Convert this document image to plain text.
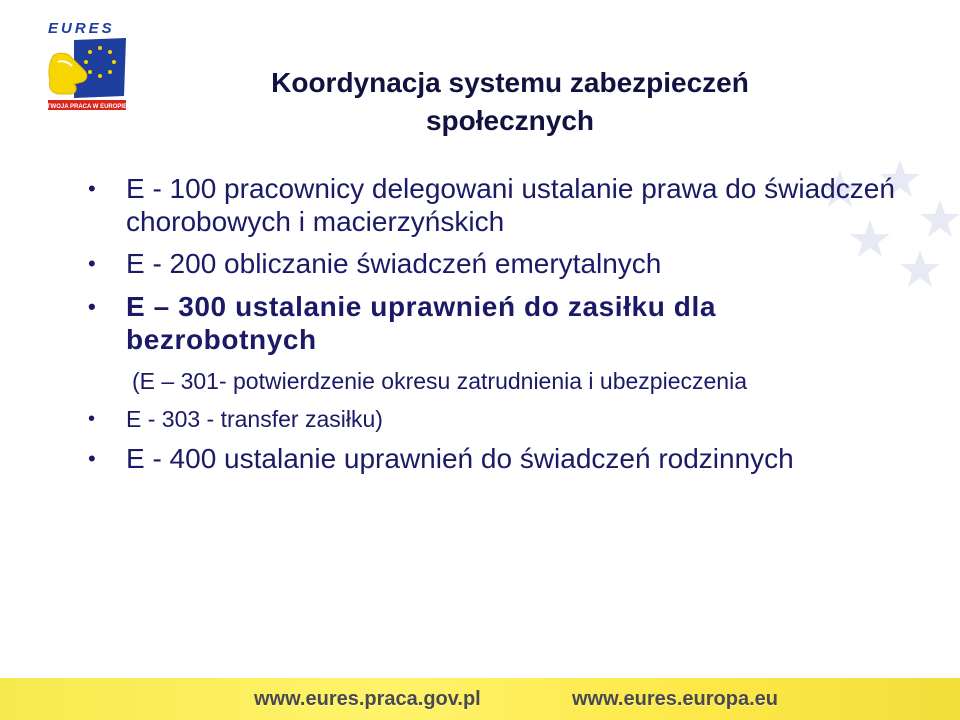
EURES
TWOJA PRACA W EUROPIE
Koordynacja systemu zabezpieczeń
społecznych
• E - 100 pracownicy delegowani ustalanie prawa do świadczeń chorobowych i macierzyńskich
• E - 200 obliczanie świadczeń emerytalnych
• E – 300 ustalanie uprawnień do zasiłku dla bezrobotnych
(E – 301- potwierdzenie okresu zatrudnienia i ubezpieczenia
• E - 303 - transfer zasiłku)
• E - 400 ustalanie uprawnień do świadczeń rodzinnych
www.eures.praca.gov.pl	www.eures.europa.eu
